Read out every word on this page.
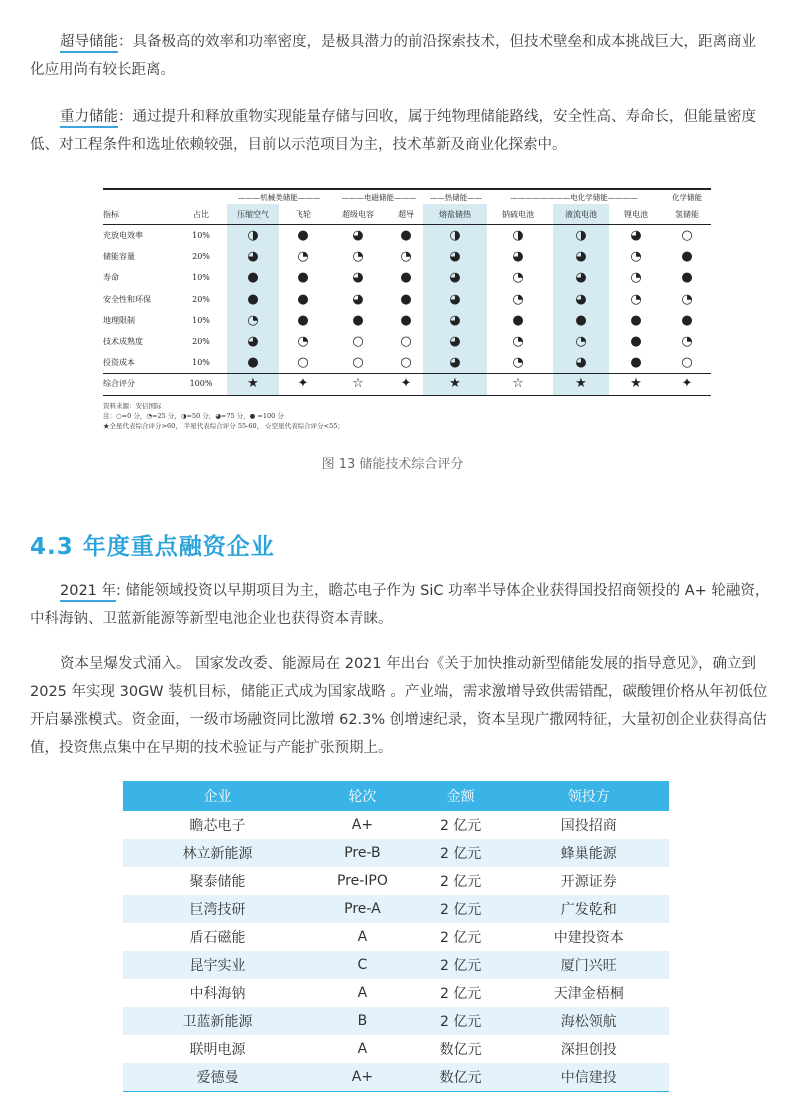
超导储能：具备极高的效率和功率密度，是极具潜力的前沿探索技术，但技术壁垒和成本挑战巨大，距离商业化应用尚有较长距离。

重力储能：通过提升和释放重物实现能量存储与回收，属于纯物理储能路线，安全性高、寿命长，但能量密度低、对工程条件和选址依赖较强，目前以示范项目为主，技术革新及商业化探索中。

———机械类储能———	———电磁储能———	——热储能——	————————电化学储能————	化学储能
指标	占比	压缩空气	飞轮	超级电容	超导	熔盐储热	钠硫电池	液流电池	锂电池	氢储能
充放电效率	10%	◑	●	◕	●	◑	◑	◑	◕	○
储能容量	20%	◕	◔	◔	◔	◕	◕	◕	◔	●
寿命	10%	●	●	◕	●	◕	◔	◕	◔	●
安全性和环保	20%	●	●	◕	●	◕	◔	◕	◔	◔
地理限制	10%	◔	●	●	●	◕	●	●	●	●
技术成熟度	20%	◕	◔	○	○	◕	◔	◔	●	◔
投资成本	10%	●	○	○	○	◕	◔	◕	●	○
综合评分	100%	★	✦	☆	✦	★	☆	★	★	✦
资料来源：安信国际
注：○=0 分，◔=25 分，◑=50 分，◕=75 分，● =100 分
★全星代表综合评分>60， 半星代表综合评分 55-60， ☆空星代表综合评分<55；
图 13 储能技术综合评分
4.3 年度重点融资企业

2021 年: 储能领域投资以早期项目为主，瞻芯电子作为 SiC 功率半导体企业获得国投招商领投的 A+ 轮融资，中科海钠、卫蓝新能源等新型电池企业也获得资本青睐。

资本呈爆发式涌入。 国家发改委、能源局在 2021 年出台《关于加快推动新型储能发展的指导意见》，确立到 2025 年实现 30GW 装机目标，储能正式成为国家战略 。产业端，需求激增导致供需错配，碳酸锂价格从年初低位开启暴涨模式。资金面，一级市场融资同比激增 62.3% 创增速纪录，资本呈现广撒网特征，大量初创企业获得高估值，投资焦点集中在早期的技术验证与产能扩张预期上。

企业	轮次	金额	领投方
瞻芯电子	A+	2 亿元	国投招商
林立新能源	Pre-B	2 亿元	蜂巢能源
聚泰储能	Pre-IPO	2 亿元	开源证券
巨湾技研	Pre-A	2 亿元	广发乾和
盾石磁能	A	2 亿元	中建投资本
昆宇实业	C	2 亿元	厦门兴旺
中科海钠	A	2 亿元	天津金梧桐
卫蓝新能源	B	2 亿元	海松领航
联明电源	A	数亿元	深担创投
爱德曼	A+	数亿元	中信建投
